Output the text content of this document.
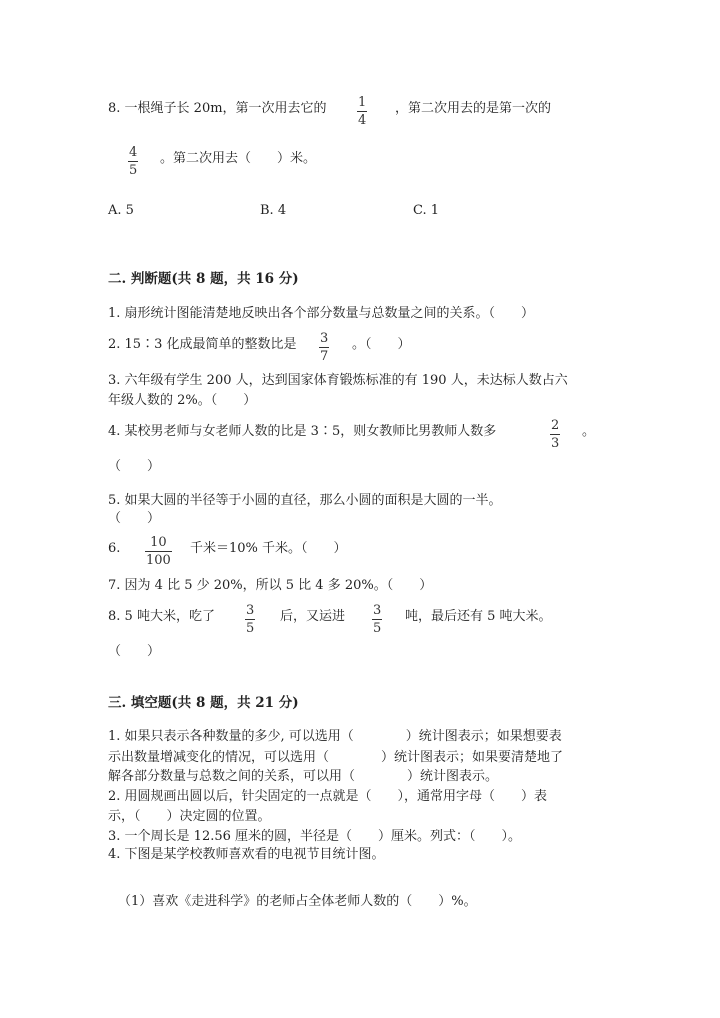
8. 一根绳子长 20m，第一次用去它的 1
4
，第二次用去的是第一次的
4
5
。第二次用去（　　）米。
A. 5	B. 4	C. 1
二. 判断题(共 8 题，共 16 分)
1. 扇形统计图能清楚地反映出各个部分数量与总数量之间的关系。（　　）
2. 15∶3 化成最简单的整数比是 3
7
。（　　）
3. 六年级有学生 200 人，达到国家体育锻炼标准的有 190 人，未达标人数占六
年级人数的 2%。（　　）
4. 某校男老师与女老师人数的比是 3∶5，则女教师比男教师人数多	2
3
。
（　　）
5. 如果大圆的半径等于小圆的直径，那么小圆的面积是大圆的一半。
（　　）
6. 10
100
千米＝10% 千米。（　　）
7. 因为 4 比 5 少 20%，所以 5 比 4 多 20%。（　　）
8. 5 吨大米，吃了 3
5
后，又运进 3
5
吨，最后还有 5 吨大米。
（　　）
三. 填空题(共 8 题，共 21 分)
1. 如果只表示各种数量的多少, 可以选用（　　　　）统计图表示；如果想要表
示出数量增减变化的情况，可以选用（　　　　）统计图表示；如果要清楚地了
解各部分数量与总数之间的关系，可以用（　　　　）统计图表示。
2. 用圆规画出圆以后，针尖固定的一点就是（　　），通常用字母（　　）表
示，（　　）决定圆的位置。
3. 一个周长是 12.56 厘米的圆，半径是（　　）厘米。列式：（　　）。
4. 下图是某学校教师喜欢看的电视节目统计图。
（1）喜欢《走进科学》的老师占全体老师人数的（　　）%。
